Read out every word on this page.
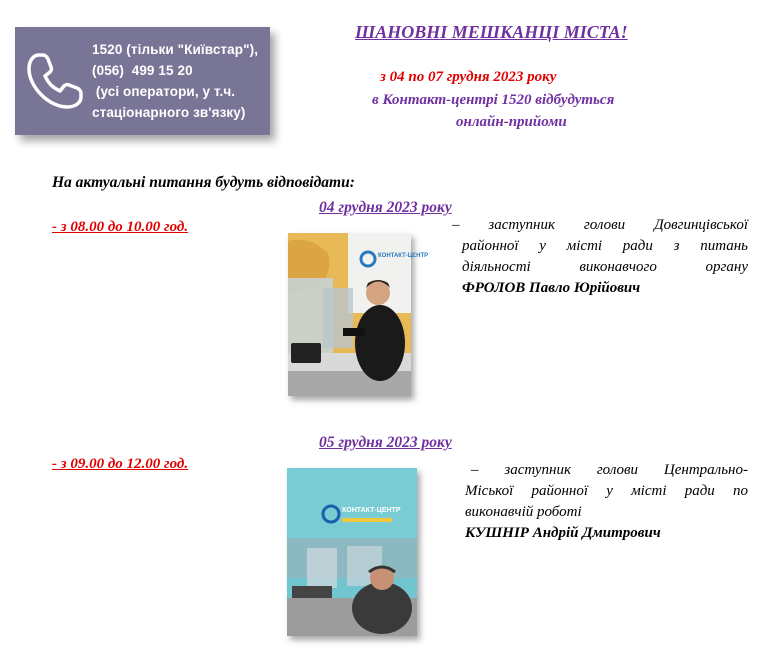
1520 (тільки "Київстар"),
(056)  499 15 20
(усі оператори, у т.ч.
стаціонарного зв'язку)
ШАНОВНІ МЕШКАНЦІ МІСТА!
з 04 по 07 грудня 2023 року
в Контакт-центрі 1520 відбудуться
онлайн-прийоми
На актуальні питання будуть відповідати:
04 грудня 2023 року
- з 08.00 до 10.00 год.
КОНТАКТ-ЦЕНТР
– заступник голови Довгинцівської
районної у місті ради з питань
діяльності виконавчого органу
ФРОЛОВ Павло Юрійович
05 грудня 2023 року
- з 09.00 до 12.00 год.
КОНТАКТ-ЦЕНТР
– заступник голови Центрально-
Міської районної у місті ради по
виконавчій роботі
КУШНІР Андрій Дмитрович
